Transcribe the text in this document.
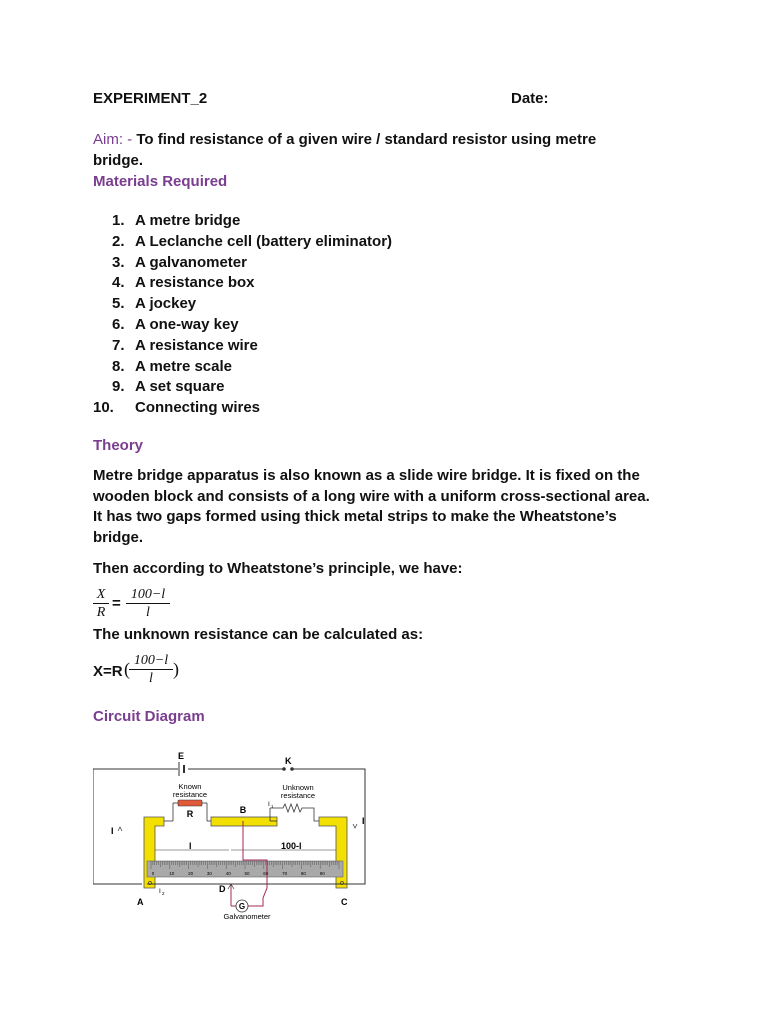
EXPERIMENT_2	Date:
Aim: - To find resistance of a given wire / standard resistor using metre
bridge.
Materials Required
1. A metre bridge
2. A Leclanche cell (battery eliminator)
3. A galvanometer
4. A resistance box
5. A jockey
6. A one-way key
7. A resistance wire
8. A metre scale
9. A set square
10. Connecting wires
Theory
Metre bridge apparatus is also known as a slide wire bridge. It is fixed on the
wooden block and consists of a long wire with a uniform cross-sectional area.
It has two gaps formed using thick metal strips to make the Wheatstone’s
bridge.
Then according to Wheatstone’s principle, we have:
$\frac{X}{R} = \frac{100-l}{l}$
The unknown resistance can be calculated as:
X=R ( $\frac{100-l}{l}$ )
Circuit Diagram
E	K
Known
resistance
R
Unknown
resistance
I 1
B
I
I
l	100-l
0	10	20	30	40	50	60	70	80	90
G
D
Galvanometer
I 2
A	C
